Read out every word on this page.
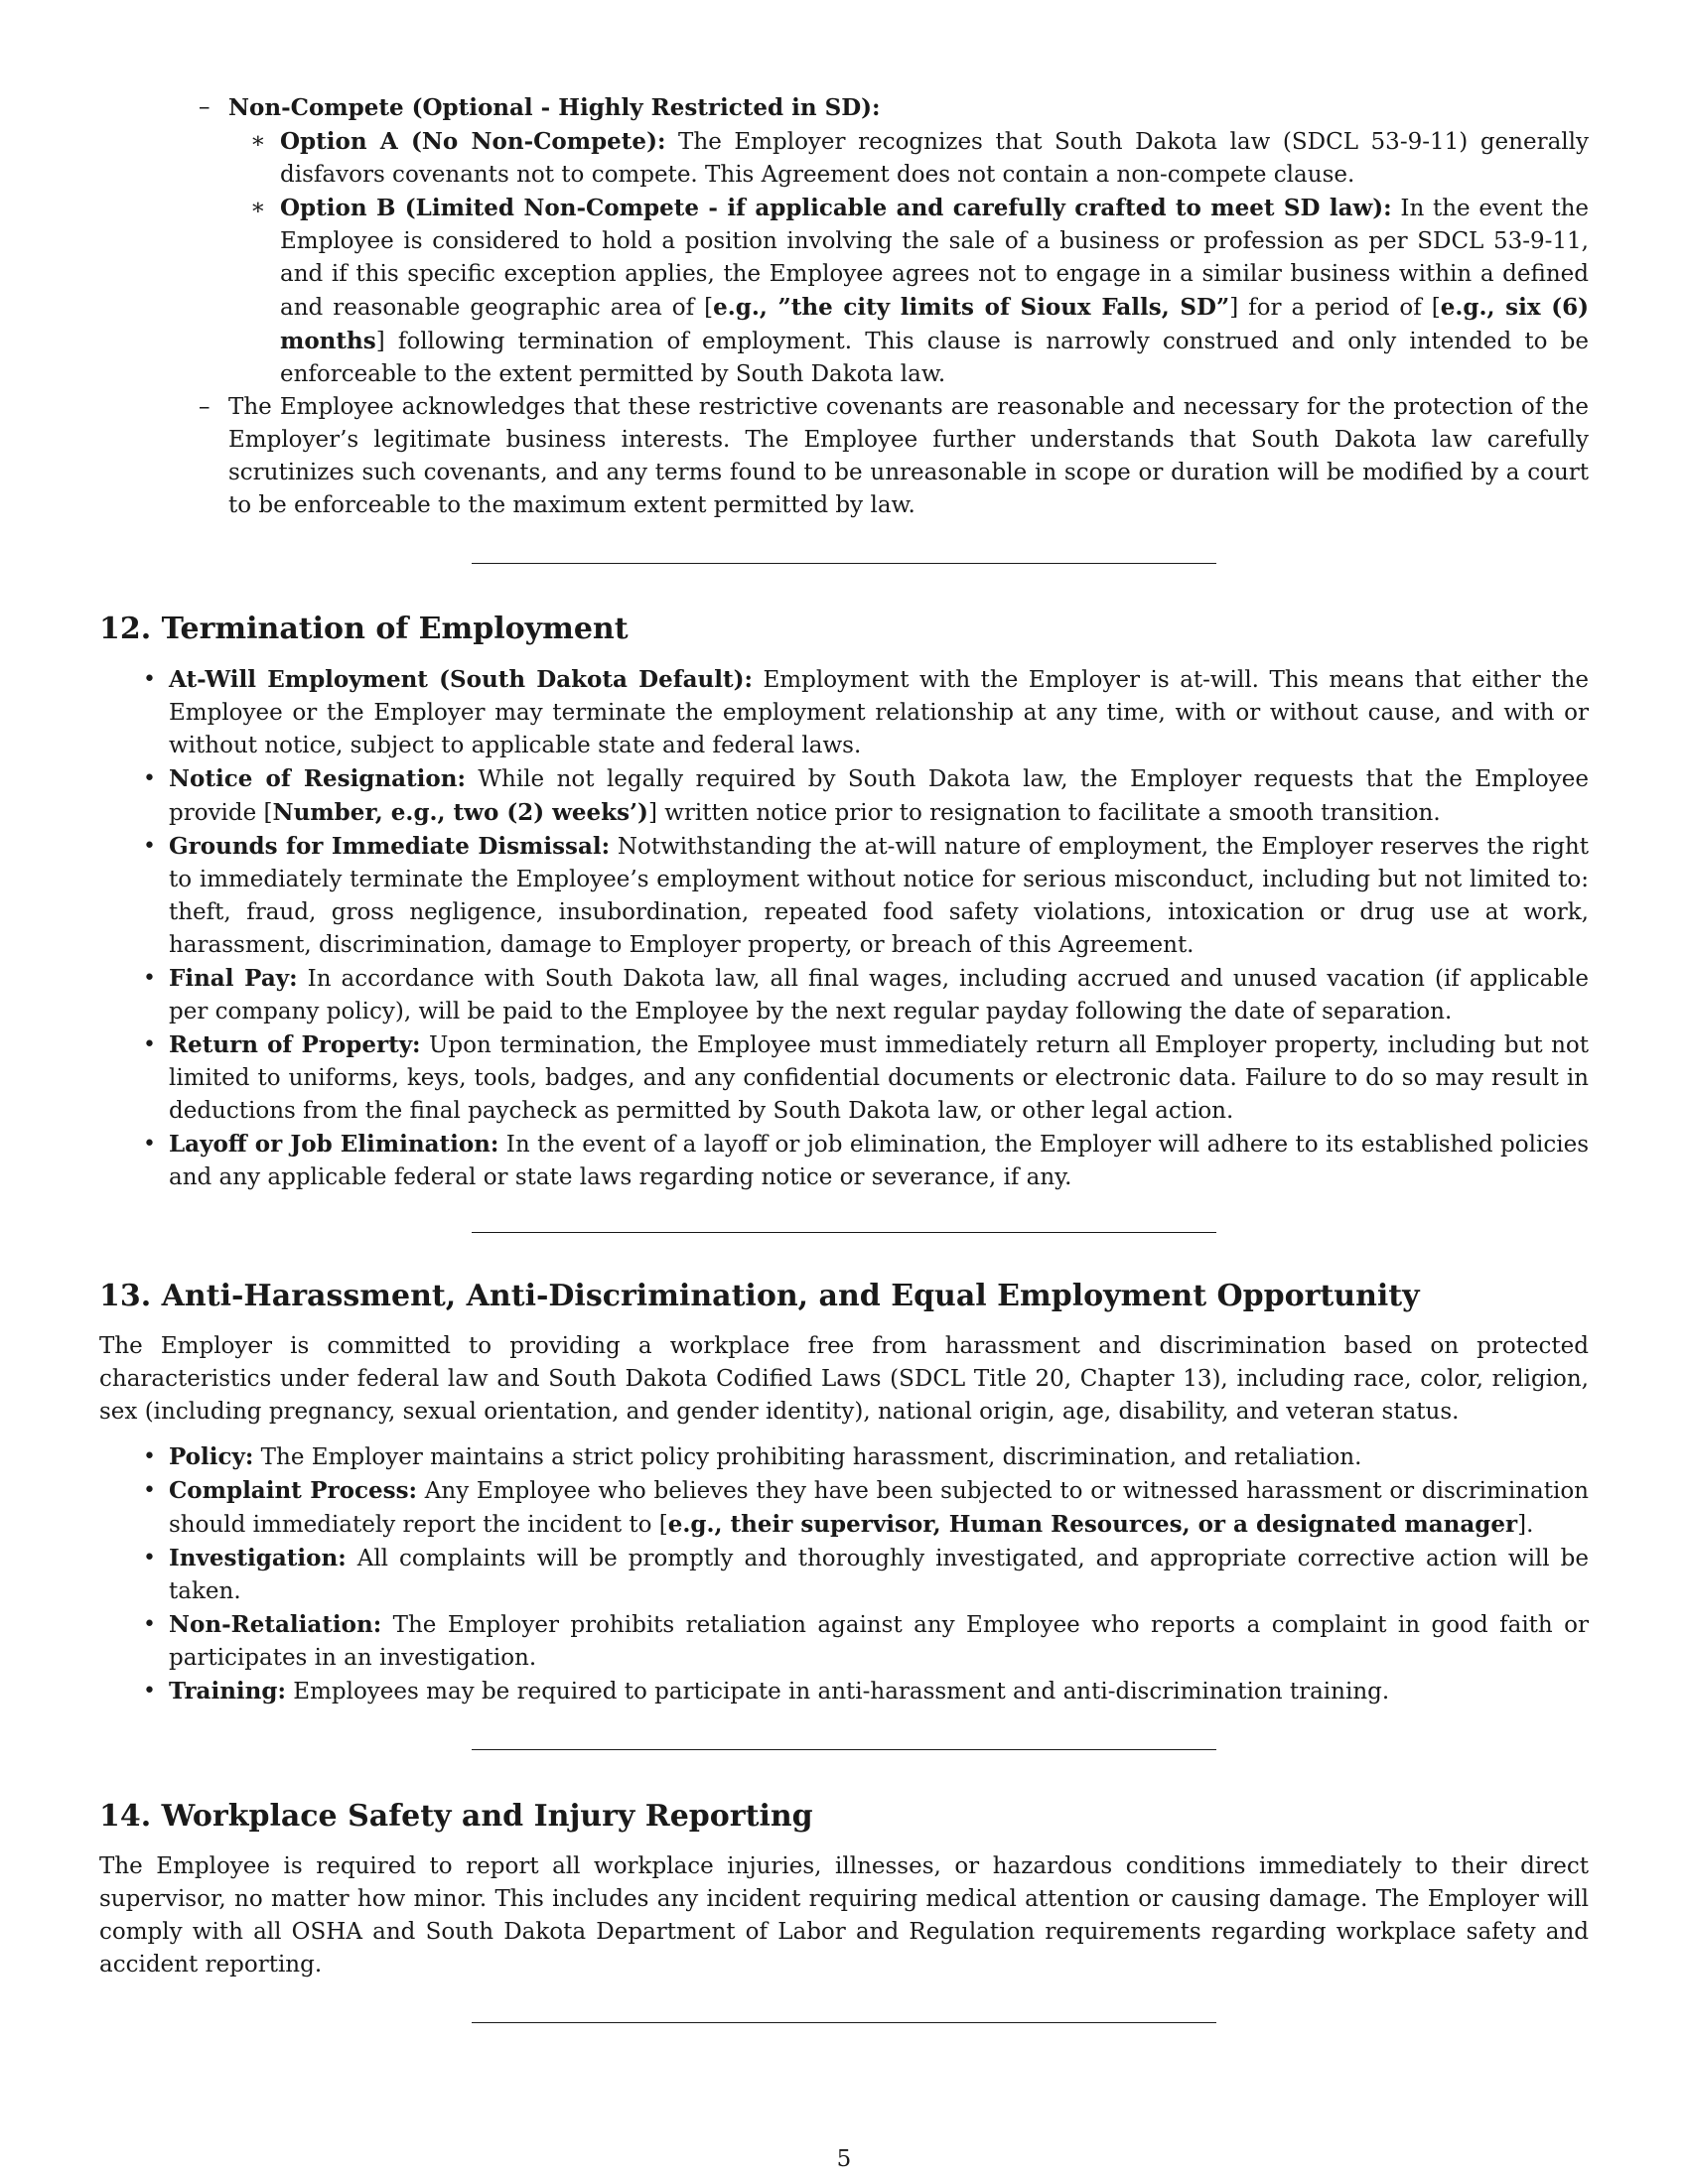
– Non-Compete (Optional - Highly Restricted in SD):
∗ Option A (No Non-Compete): The Employer recognizes that South Dakota law (SDCL 53-9-11) generally disfavors covenants not to compete. This Agreement does not contain a non-compete clause.
∗ Option B (Limited Non-Compete - if applicable and carefully crafted to meet SD law): In the event the Employee is considered to hold a position involving the sale of a business or profession as per SDCL 53-9-11, and if this specific exception applies, the Employee agrees not to engage in a similar business within a defined and reasonable geographic area of [e.g., ”the city limits of Sioux Falls, SD”] for a period of [e.g., six (6) months] following termination of employment. This clause is narrowly construed and only intended to be enforceable to the extent permitted by South Dakota law.
– The Employee acknowledges that these restrictive covenants are reasonable and necessary for the protection of the Employer’s legitimate business interests. The Employee further understands that South Dakota law carefully scrutinizes such covenants, and any terms found to be unreasonable in scope or duration will be modified by a court to be enforceable to the maximum extent permitted by law.
12. Termination of Employment
• At-Will Employment (South Dakota Default): Employment with the Employer is at-will. This means that either the Employee or the Employer may terminate the employment relationship at any time, with or without cause, and with or without notice, subject to applicable state and federal laws.
• Notice of Resignation: While not legally required by South Dakota law, the Employer requests that the Employee provide [Number, e.g., two (2) weeks’)] written notice prior to resignation to facilitate a smooth transition.
• Grounds for Immediate Dismissal: Notwithstanding the at-will nature of employment, the Employer reserves the right to immediately terminate the Employee’s employment without notice for serious misconduct, including but not limited to: theft, fraud, gross negligence, insubordination, repeated food safety violations, intoxication or drug use at work, harassment, discrimination, damage to Employer property, or breach of this Agreement.
• Final Pay: In accordance with South Dakota law, all final wages, including accrued and unused vacation (if applicable per company policy), will be paid to the Employee by the next regular payday following the date of separation.
• Return of Property: Upon termination, the Employee must immediately return all Employer property, including but not limited to uniforms, keys, tools, badges, and any confidential documents or electronic data. Failure to do so may result in deductions from the final paycheck as permitted by South Dakota law, or other legal action.
• Layoff or Job Elimination: In the event of a layoff or job elimination, the Employer will adhere to its established policies and any applicable federal or state laws regarding notice or severance, if any.
13. Anti-Harassment, Anti-Discrimination, and Equal Employment Opportunity

The Employer is committed to providing a workplace free from harassment and discrimination based on protected characteristics under federal law and South Dakota Codified Laws (SDCL Title 20, Chapter 13), including race, color, religion, sex (including pregnancy, sexual orientation, and gender identity), national origin, age, disability, and veteran status.

• Policy: The Employer maintains a strict policy prohibiting harassment, discrimination, and retaliation.
• Complaint Process: Any Employee who believes they have been subjected to or witnessed harassment or discrimination should immediately report the incident to [e.g., their supervisor, Human Resources, or a designated manager].
• Investigation: All complaints will be promptly and thoroughly investigated, and appropriate corrective action will be taken.
• Non-Retaliation: The Employer prohibits retaliation against any Employee who reports a complaint in good faith or participates in an investigation.
• Training: Employees may be required to participate in anti-harassment and anti-discrimination training.
14. Workplace Safety and Injury Reporting

The Employee is required to report all workplace injuries, illnesses, or hazardous conditions immediately to their direct supervisor, no matter how minor. This includes any incident requiring medical attention or causing damage. The Employer will comply with all OSHA and South Dakota Department of Labor and Regulation requirements regarding workplace safety and accident reporting.

5
